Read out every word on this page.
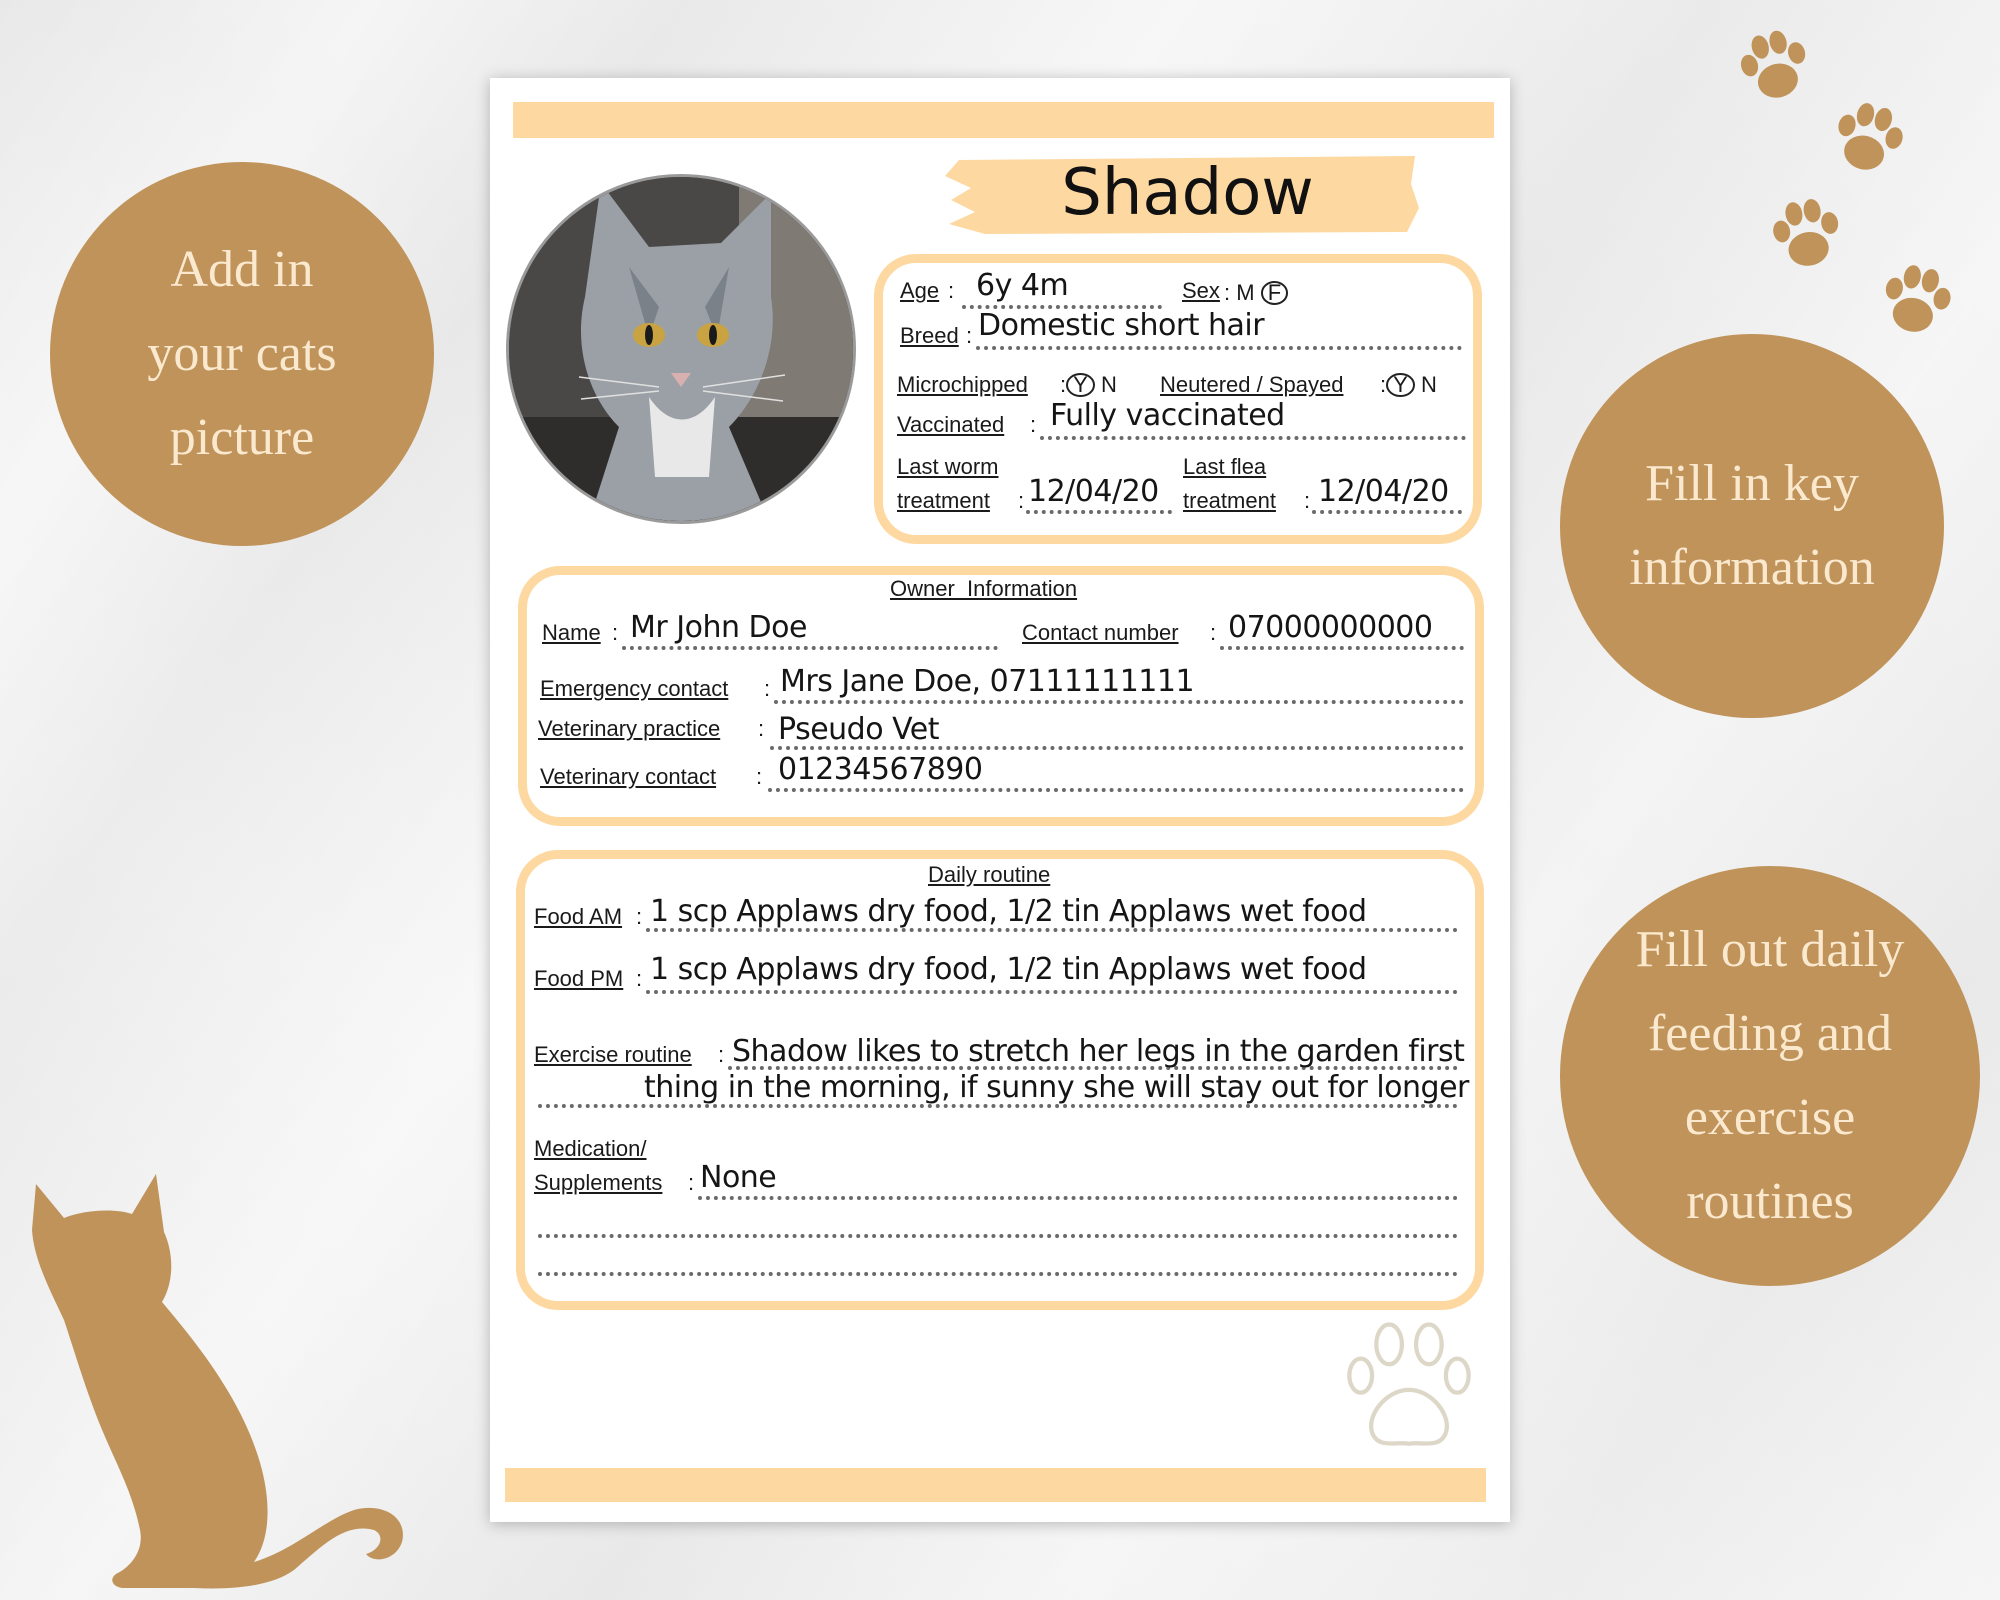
Add in
your cats
picture
Fill in key
information
Fill out daily
feeding and
exercise
routines
Shadow
Age : 6y 4m	Sex : M F
Breed : Domestic short hair
Microchipped : Y N Neutered / Spayed : Y N
Vaccinated : Fully vaccinated
Last worm
treatment : 12/04/20
Last flea
treatment : 12/04/20
Owner  Information
Name : Mr John Doe	Contact number : 07000000000
Emergency contact : Mrs Jane Doe, 07111111111
Veterinary practice : Pseudo Vet
Veterinary contact : 01234567890
Daily routine
Food AM : 1 scp Applaws dry food, 1/2 tin Applaws wet food
Food PM : 1 scp Applaws dry food, 1/2 tin Applaws wet food
Exercise routine : Shadow likes to stretch her legs in the garden first
thing in the morning, if sunny she will stay out for longer
Medication/
Supplements : None
